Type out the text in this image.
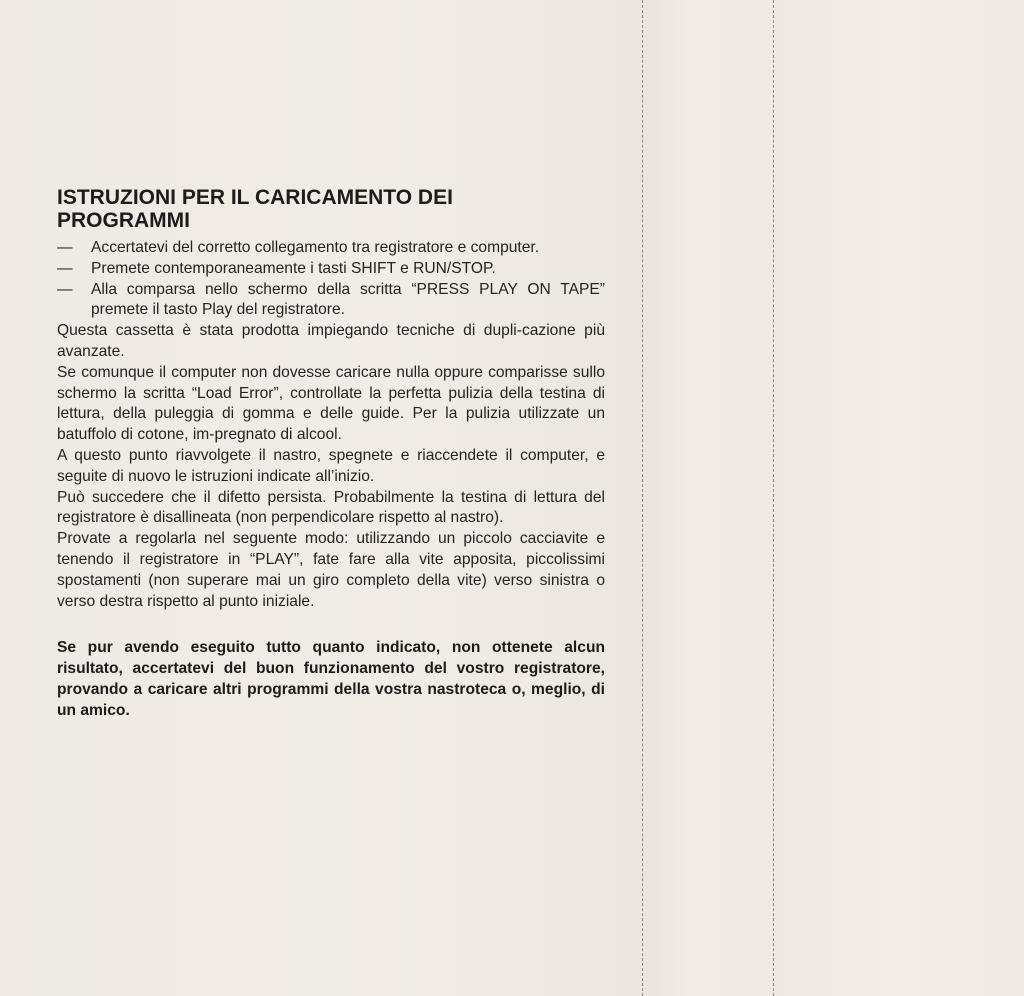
ISTRUZIONI PER IL CARICAMENTO DEI PROGRAMMI
— Accertatevi del corretto collegamento tra registratore e computer.
— Premete contemporaneamente i tasti SHIFT e RUN/STOP.
— Alla comparsa nello schermo della scritta “PRESS PLAY ON TAPE” premete il tasto Play del registratore.

Questa cassetta è stata prodotta impiegando tecniche di dupli-cazione più avanzate.

Se comunque il computer non dovesse caricare nulla oppure comparisse sullo schermo la scritta “Load Error”, controllate la perfetta pulizia della testina di lettura, della puleggia di gomma e delle guide. Per la pulizia utilizzate un batuffolo di cotone, im-pregnato di alcool.

A questo punto riavvolgete il nastro, spegnete e riaccendete il computer, e seguite di nuovo le istruzioni indicate all’inizio.

Può succedere che il difetto persista. Probabilmente la testina di lettura del registratore è disallineata (non perpendicolare rispetto al nastro).

Provate a regolarla nel seguente modo: utilizzando un piccolo cacciavite e tenendo il registratore in “PLAY”, fate fare alla vite apposita, piccolissimi spostamenti (non superare mai un giro completo della vite) verso sinistra o verso destra rispetto al punto iniziale.

Se pur avendo eseguito tutto quanto indicato, non ottenete alcun risultato, accertatevi del buon funzionamento del vostro registratore, provando a caricare altri programmi della vostra nastroteca o, meglio, di un amico.
